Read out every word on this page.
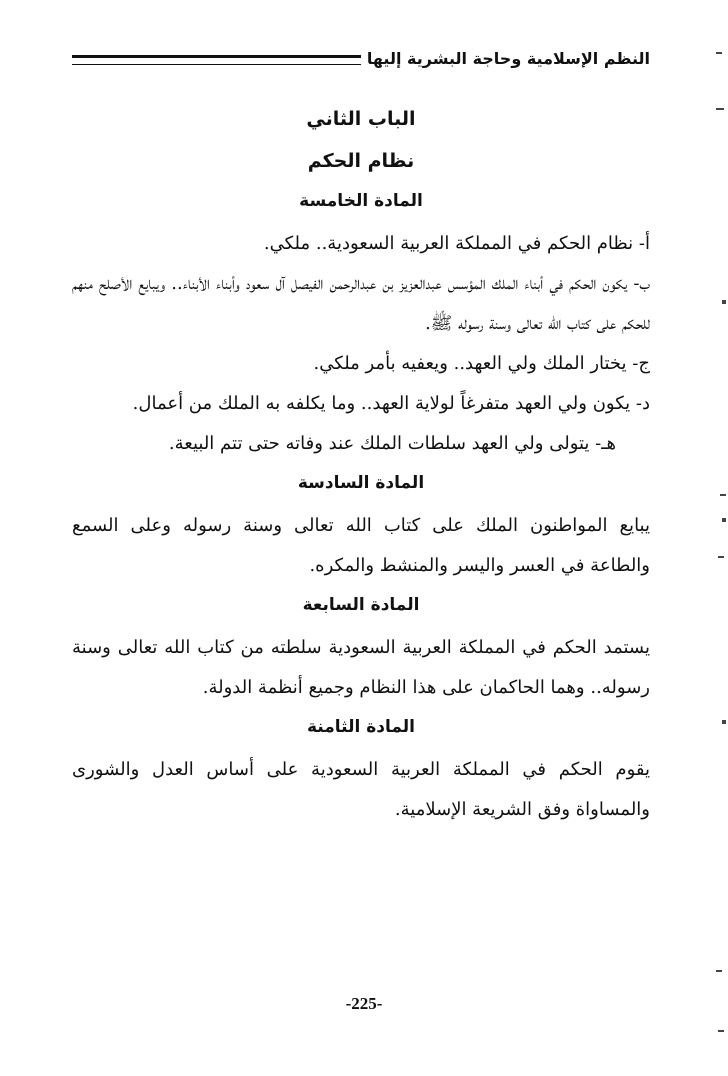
النظم الإسلامية وحاجة البشرية إليها
الباب الثاني
نظام الحكم
المادة الخامسة

أ- نظام الحكم في المملكة العربية السعودية.. ملكي.

ب- يكون الحكم في أبناء الملك المؤسس عبدالعزيز بن عبدالرحمن الفيصل آل سعود وأبناء الأبناء.. ويبايع الأصلح منهم للحكم على كتاب الله تعالى وسنة رسوله ﷺ.

ج- يختار الملك ولي العهد.. ويعفيه بأمر ملكي.

د- يكون ولي العهد متفرغاً لولاية العهد.. وما يكلفه به الملك من أعمال.

هـ- يتولى ولي العهد سلطات الملك عند وفاته حتى تتم البيعة.

المادة السادسة

يبايع المواطنون الملك على كتاب الله تعالى وسنة رسوله وعلى السمع والطاعة في العسر واليسر والمنشط والمكره.

المادة السابعة

يستمد الحكم في المملكة العربية السعودية سلطته من كتاب الله تعالى وسنة رسوله.. وهما الحاكمان على هذا النظام وجميع أنظمة الدولة.

المادة الثامنة

يقوم الحكم في المملكة العربية السعودية على أساس العدل والشورى والمساواة وفق الشريعة الإسلامية.

-225-
